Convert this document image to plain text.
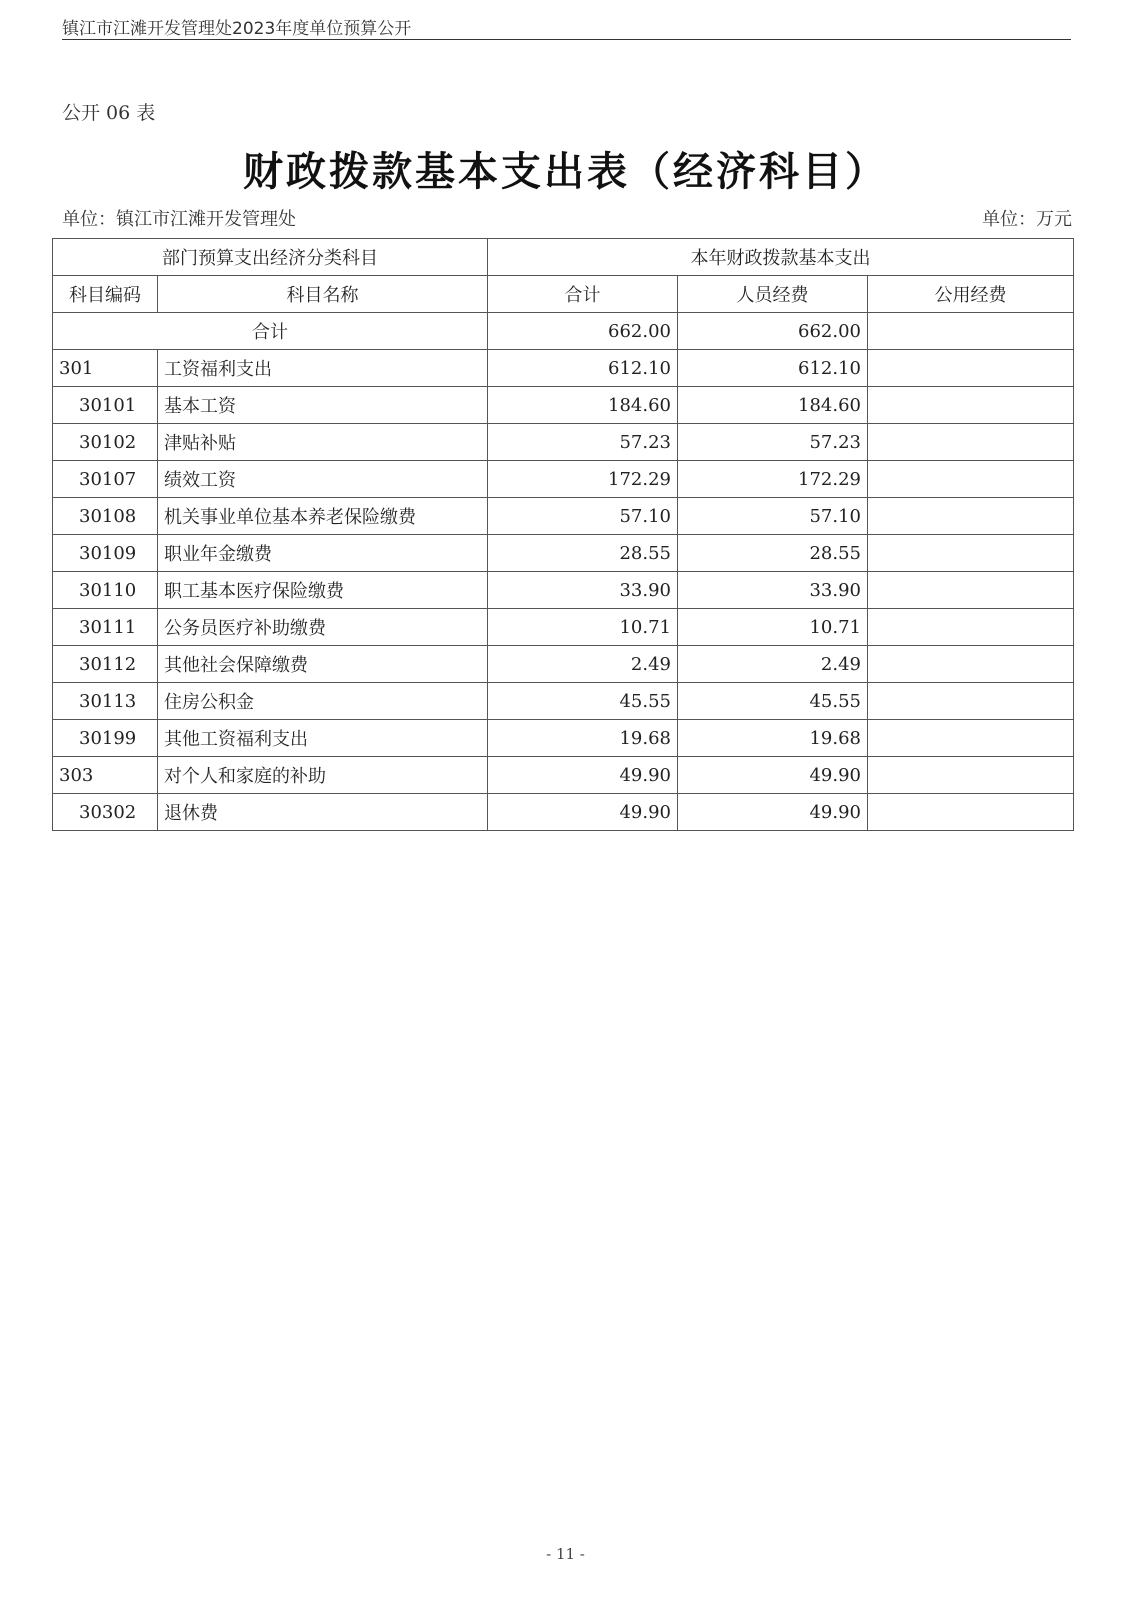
镇江市江滩开发管理处2023年度单位预算公开
公开 06 表
财政拨款基本支出表（经济科目）
单位：镇江市江滩开发管理处	单位：万元
部门预算支出经济分类科目		本年财政拨款基本支出		
科目编码	科目名称	合计	人员经费	公用经费
合计		662.00	662.00	
301	工资福利支出	612.10	612.10	
30101	基本工资	184.60	184.60	
30102	津贴补贴	57.23	57.23	
30107	绩效工资	172.29	172.29	
30108	机关事业单位基本养老保险缴费	57.10	57.10	
30109	职业年金缴费	28.55	28.55	
30110	职工基本医疗保险缴费	33.90	33.90	
30111	公务员医疗补助缴费	10.71	10.71	
30112	其他社会保障缴费	2.49	2.49	
30113	住房公积金	45.55	45.55	
30199	其他工资福利支出	19.68	19.68	
303	对个人和家庭的补助	49.90	49.90	
30302	退休费	49.90	49.90	
- 11 -
